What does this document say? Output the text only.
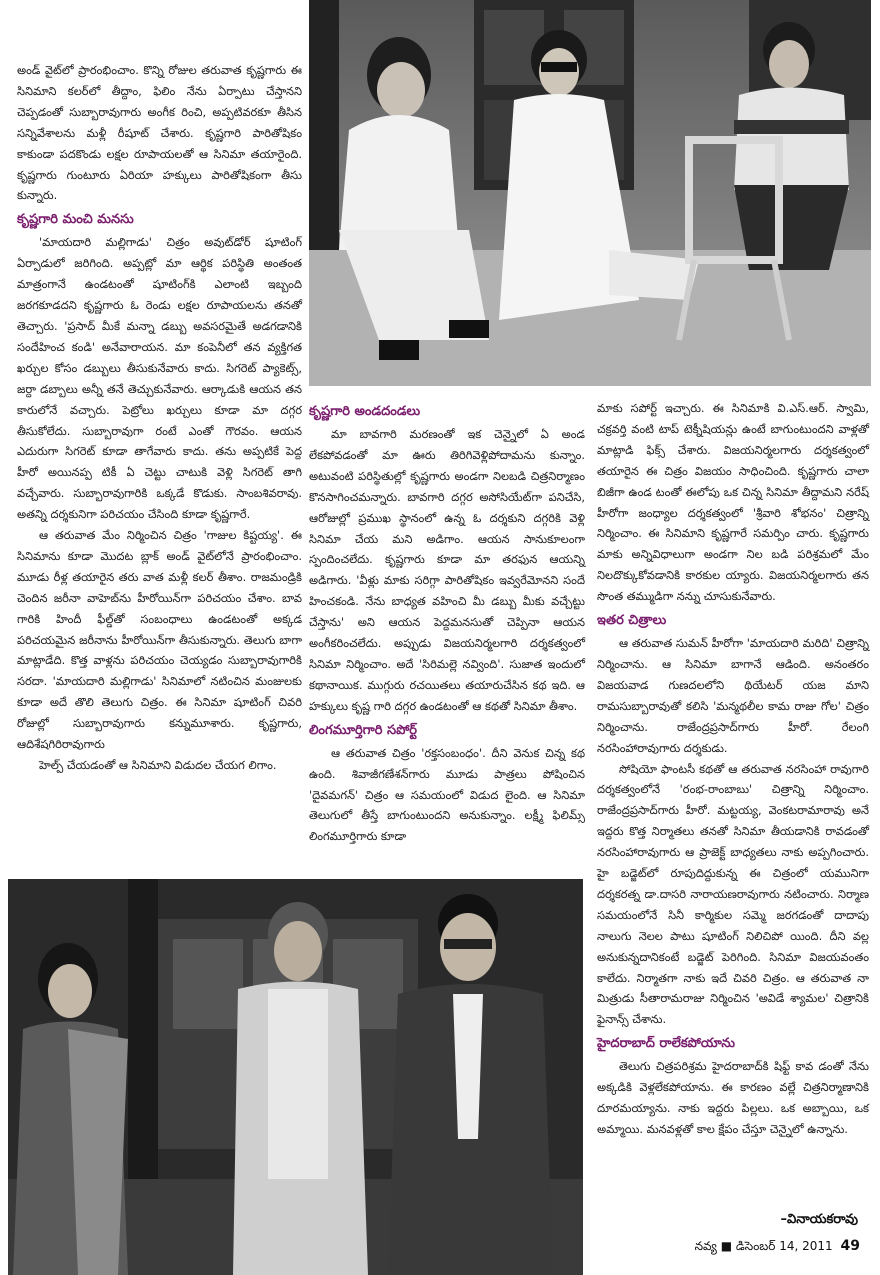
అండ్ వైట్‌లో ప్రారంభించాం. కొన్ని రోజుల తరువాత కృష్ణగారు ఈ సినిమాని కలర్‌లో తీద్దాం, ఫిలిం నేను ఏర్పాటు చేస్తానని చెప్పడంతో సుబ్బారావుగారు అంగీక రించి, అప్పటివరకూ తీసిన సన్నివేశాలను మళ్లీ రీషూట్ చేశారు. కృష్ణగారి పారితోషికం కాకుండా పదకొండు లక్షల రూపాయలతో ఆ సినిమా తయారైంది. కృష్ణగారు గుంటూరు ఏరియా హక్కులు పారితోషికంగా తీసు కున్నారు.

కృష్ణగారి మంచి మనసు

'మాయదారి మల్లిగాడు' చిత్రం అవుట్‌డోర్ షూటింగ్ ఏర్పాడులో జరిగింది. అప్పట్లో మా ఆర్థిక పరిస్థితి అంతంత మాత్రంగానే ఉండటంతో షూటింగ్‌కి ఎలాంటి ఇబ్బంది జరగకూడదని కృష్ణగారు ఓ రెండు లక్షల రూపాయలను తనతో తెచ్చారు. 'ప్రసాద్ మీకే మన్నా డబ్బు అవసరమైతే అడగడానికి సందేహించ కండి' అనేవారాయన. మా కంపెనీలో తన వ్యక్తిగత ఖర్చుల కోసం డబ్బులు తీసుకునేవారు కాదు. సిగరెట్ ప్యాకెట్స్, జర్దా డబ్బాలు అన్నీ తనే తెచ్చుకునేవారు. ఆర్కాడుకి ఆయన తన కారులోనే వచ్చారు. పెట్రోలు ఖర్చులు కూడా మా దగ్గర తీసుకోలేదు. సుబ్బారావుగా రంటే ఎంతో గౌరవం. ఆయన ఎదురుగా సిగరెట్ కూడా తాగేవారు కాదు. తను అప్పటికే పెద్ద హీరో అయినప్ప టికీ ఏ చెట్టు చాటుకి వెళ్లి సిగరెట్ తాగి వచ్చేవారు. సుబ్బారావుగారికి ఒక్కడే కొడుకు. సాంబశివరావు. అతన్ని దర్శకునిగా పరిచయం చేసింది కూడా కృష్ణగారే.

ఆ తరువాత మేం నిర్మించిన చిత్రం 'గాజుల కిష్టయ్య'. ఈ సినిమాను కూడా మొదట బ్లాక్ అండ్ వైట్‌లోనే ప్రారంభించాం. మూడు రీళ్ల తయారైన తరు వాత మళ్లీ కలర్ తీశాం. రాజమండ్రికి చెందిన జరీనా వాహెబ్‌ను హీరోయిన్‌గా పరిచయం చేశాం. బావ గారికి హిందీ ఫీల్డ్‌తో సంబంధాలు ఉండటంతో అక్కడ పరిచయమైన జరీనాను హీరోయిన్‌గా తీసుకున్నారు. తెలుగు బాగా మాట్లాడేది. కొత్త వాళ్లను పరిచయం చెయ్యడం సుబ్బారావుగారికి సరదా. 'మాయదారి మల్లిగాడు' సినిమాలో నటించిన మంజులకు కూడా అదే తొలి తెలుగు చిత్రం. ఈ సినిమా షూటింగ్ చివరి రోజుల్లో సుబ్బారావుగారు కన్నుమూశారు. కృష్ణగారు, ఆదిశేషగిరిరావుగారు

హెల్ప్ చేయడంతో ఆ సినిమాని విడుదల చేయగ లిగాం.

కృష్ణగారి అండదండలు

మా బావగారి మరణంతో ఇక చెన్నైలో ఏ అండ లేకపోవడంతో మా ఊరు తిరిగివెళ్లిపోదామను కున్నాం. అటువంటి పరిస్థితుల్లో కృష్ణగారు అండగా నిలబడి చిత్రనిర్మాణం కొనసాగించమన్నారు. బావగారి దగ్గర అసోసియేట్‌గా పనిచేసి, ఆరోజుల్లో ప్రముఖ స్థానంలో ఉన్న ఓ దర్శకుని దగ్గరికి వెళ్లి సినిమా చేయ మని అడిగాం. ఆయన సానుకూలంగా స్పందించలేదు. కృష్ణగారు కూడా మా తరఫున ఆయన్ని అడిగారు. 'వీళ్లు మాకు సరిగ్గా పారితోషికం ఇవ్వరేమోనని సందే హించకండి. నేను బాధ్యత వహించి మీ డబ్బు మీకు వచ్చేట్టు చేస్తాను' అని ఆయన పెద్దమనసుతో చెప్పినా ఆయన అంగీకరించలేదు. అప్పుడు విజయనిర్మలగారి దర్శకత్వంలో సినిమా నిర్మించాం. అదే 'సిరిమల్లె నవ్వింది'. సుజాత ఇందులో కథానాయిక. ముగ్గురు రచయితలు తయారుచేసిన కథ ఇది. ఆ హక్కులు కృష్ణ గారి దగ్గర ఉండటంతో ఆ కథతో సినిమా తీశాం.

లింగమూర్తిగారి సపోర్ట్

ఆ తరువాత చిత్రం 'రక్తసంబంధం'. దీని వెనుక చిన్న కథ ఉంది. శివాజీగణేశన్‌గారు మూడు పాత్రలు పోషించిన 'దైవమగన్' చిత్రం ఆ సమయంలో విడుద లైంది. ఆ సినిమా తెలుగులో తీస్తే బాగుంటుందని అనుకున్నాం. లక్ష్మీ ఫిలిమ్స్ లింగమూర్తిగారు కూడా

మాకు సపోర్ట్ ఇచ్చారు. ఈ సినిమాకి వి.ఎస్.ఆర్. స్వామి, చక్రవర్తి వంటి టాప్ టెక్నీషియన్లు ఉంటే బాగుంటుందని వాళ్లతో మాట్లాడి ఫిక్స్ చేశారు. విజయనిర్మలగారు దర్శకత్వంలో తయారైన ఈ చిత్రం విజయం సాధించింది. కృష్ణగారు చాలా బిజీగా ఉండ టంతో ఈలోపు ఒక చిన్న సినిమా తీద్దామని నరేష్ హీరోగా జంధ్యాల దర్శకత్వంలో 'శ్రీవారి శోభనం' చిత్రాన్ని నిర్మించాం. ఈ సినిమాని కృష్ణగారే సమర్పిం చారు. కృష్ణగారు మాకు అన్నివిధాలుగా అండగా నిల బడి పరిశ్రమలో మేం నిలదొక్కుకోవడానికి కారకుల య్యారు. విజయనిర్మలగారు తన సొంత తమ్ముడిగా నన్ను చూసుకునేవారు.

ఇతర చిత్రాలు

ఆ తరువాత సుమన్ హీరోగా 'మాయదారి మరిది' చిత్రాన్ని నిర్మించాను. ఆ సినిమా బాగానే ఆడింది. అనంతరం విజయవాడ గుణదలలోని థియేటర్ యజ మాని రామసుబ్బారావుతో కలిసి 'మన్మథలీల కామ రాజు గోల' చిత్రం నిర్మించాను. రాజేంద్రప్రసాద్‌గారు హీరో. రేలంగి నరసింహారావుగారు దర్శకుడు.

సోషియో ఫాంటసీ కథతో ఆ తరువాత నరసింహా రావుగారి దర్శకత్వంలోనే 'రంభ-రాంబాబు' చిత్రాన్ని నిర్మించాం. రాజేంద్రప్రసాద్‌గారు హీరో. మట్టయ్య, వెంకటరామారావు అనే ఇద్దరు కొత్త నిర్మాతలు తనతో సినిమా తీయడానికి రావడంతో నరసింహారావుగారు ఆ ప్రాజెక్ట్ బాధ్యతలు నాకు అప్పగించారు. హై బడ్జెట్‌లో రూపుదిద్దుకున్న ఈ చిత్రంలో యమునిగా దర్శకరత్న డా.దాసరి నారాయణరావుగారు నటించారు. నిర్మాణ సమయంలోనే సినీ కార్మికుల సమ్మె జరగడంతో దాదాపు నాలుగు నెలల పాటు షూటింగ్ నిలిచిపో యింది. దీని వల్ల అనుకున్నదానికంటే బడ్జెట్ పెరిగింది. సినిమా విజయవంతం కాలేదు. నిర్మాతగా నాకు ఇదే చివరి చిత్రం. ఆ తరువాత నా మిత్రుడు సీతారామరాజు నిర్మించిన 'అవిడే శ్యామల' చిత్రానికి ఫైనాన్స్ చేశాను.

హైదరాబాద్ రాలేకపోయాను

తెలుగు చిత్రపరిశ్రమ హైదరాబాద్‌కి షిఫ్ట్ కావ డంతో నేను అక్కడికి వెళ్లలేకపోయాను. ఈ కారణం వల్లే చిత్రనిర్మాణానికి దూరమయ్యాను. నాకు ఇద్దరు పిల్లలు. ఒక అబ్బాయి, ఒక అమ్మాయి. మనవళ్లతో కాల క్షేపం చేస్తూ చెన్నైలో ఉన్నాను.

–వినాయకరావు
నవ్య ■ డిసెంబర్ 14, 2011 49
